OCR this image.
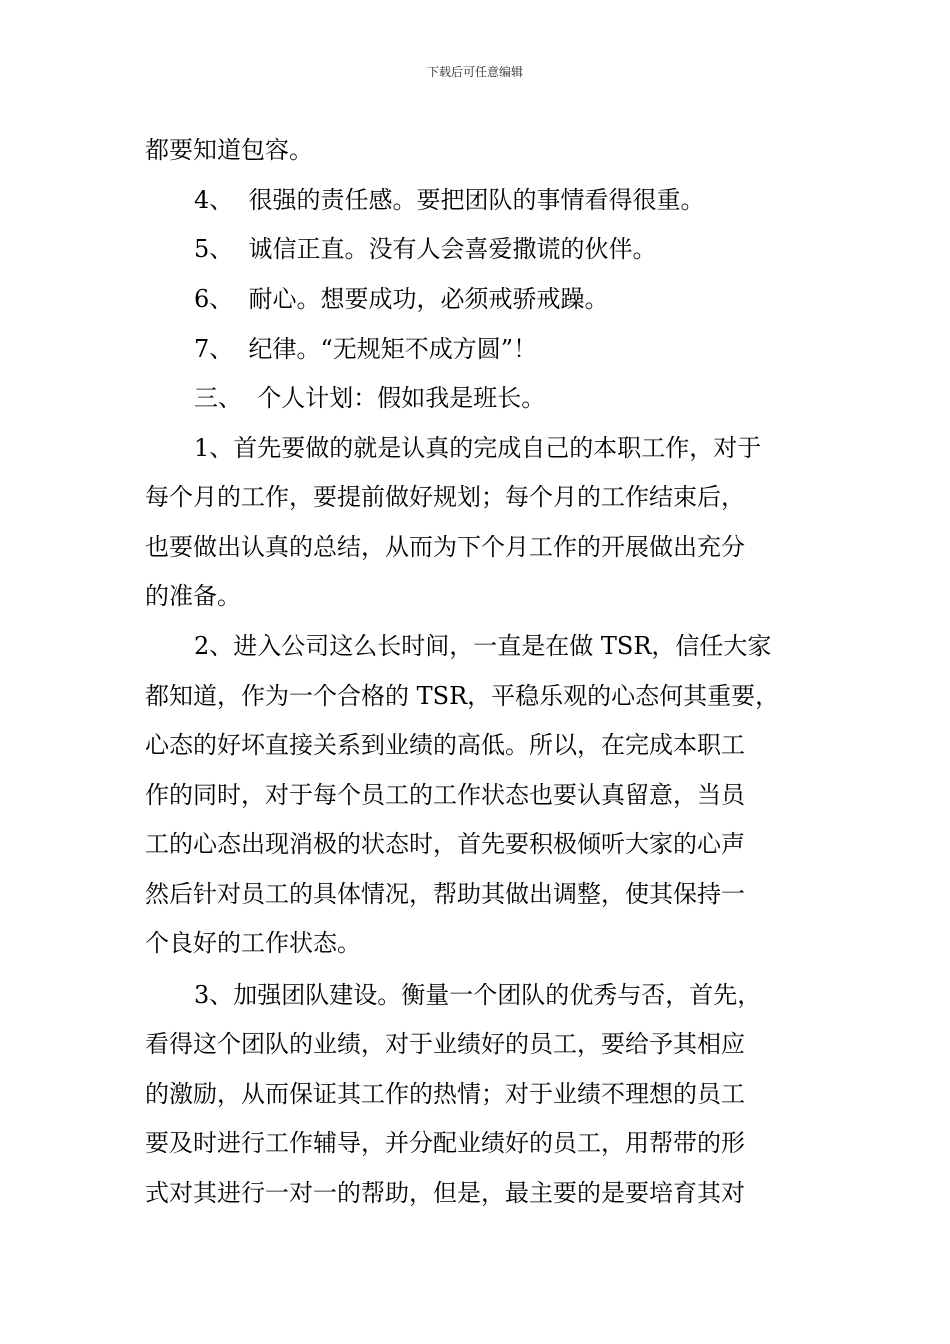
下载后可任意编辑
都要知道包容。
4、  很强的责任感。要把团队的事情看得很重。
5、  诚信正直。没有人会喜爱撒谎的伙伴。
6、  耐心。想要成功，必须戒骄戒躁。
7、  纪律。“无规矩不成方圆”！
三、  个人计划：假如我是班长。
1、首先要做的就是认真的完成自己的本职工作，对于
每个月的工作，要提前做好规划；每个月的工作结束后，
也要做出认真的总结，从而为下个月工作的开展做出充分
的准备。
2、进入公司这么长时间，一直是在做 TSR，信任大家
都知道，作为一个合格的 TSR，平稳乐观的心态何其重要，
心态的好坏直接关系到业绩的高低。所以，在完成本职工
作的同时，对于每个员工的工作状态也要认真留意，当员
工的心态出现消极的状态时，首先要积极倾听大家的心声
然后针对员工的具体情况，帮助其做出调整，使其保持一
个良好的工作状态。
3、加强团队建设。衡量一个团队的优秀与否，首先，
看得这个团队的业绩，对于业绩好的员工，要给予其相应
的激励，从而保证其工作的热情；对于业绩不理想的员工
要及时进行工作辅导，并分配业绩好的员工，用帮带的形
式对其进行一对一的帮助，但是，最主要的是要培育其对
